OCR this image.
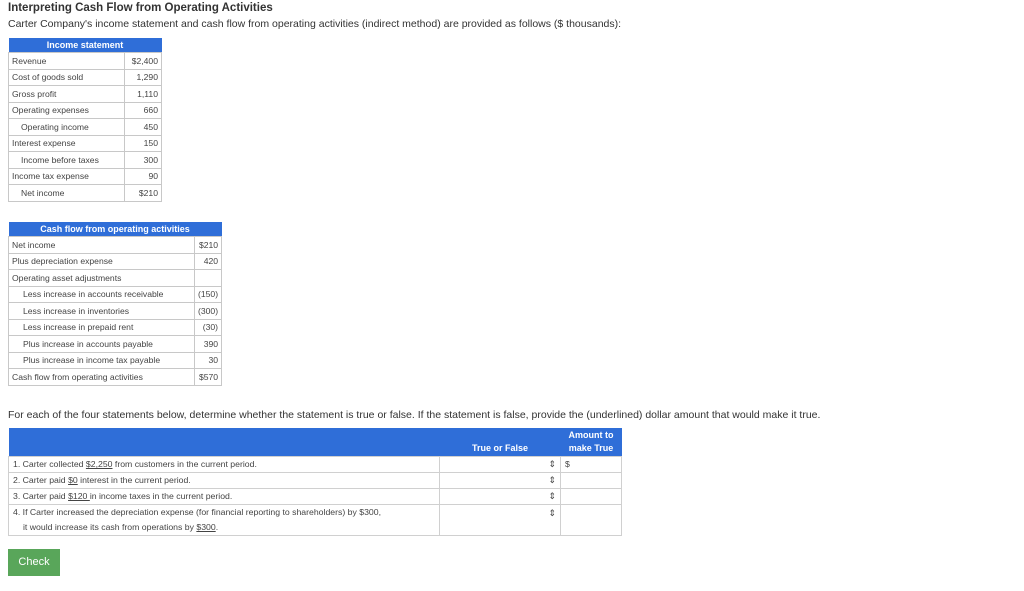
Interpreting Cash Flow from Operating Activities
Carter Company's income statement and cash flow from operating activities (indirect method) are provided as follows ($ thousands):
Income statement	
Revenue	$2,400
Cost of goods sold	1,290
Gross profit	1,110
Operating expenses	660
Operating income	450
Interest expense	150
Income before taxes	300
Income tax expense	90
Net income	$210
Cash flow from operating activities	
Net income	$210
Plus depreciation expense	420
Operating asset adjustments	
Less increase in accounts receivable	(150)
Less increase in inventories	(300)
Less increase in prepaid rent	(30)
Plus increase in accounts payable	390
Plus increase in income tax payable	30
Cash flow from operating activities	$570
For each of the four statements below, determine whether the statement is true or false. If the statement is false, provide the (underlined) dollar amount that would make it true.
	True or False	Amount to
make True
1. Carter collected $2,250 from customers in the current period.	⇕	$
2. Carter paid $0 interest in the current period.	⇕	
3. Carter paid $120 in income taxes in the current period.	⇕	
4. If Carter increased the depreciation expense (for financial reporting to shareholders) by $300,	⇕	
it would increase its cash from operations by $300.		
Check
